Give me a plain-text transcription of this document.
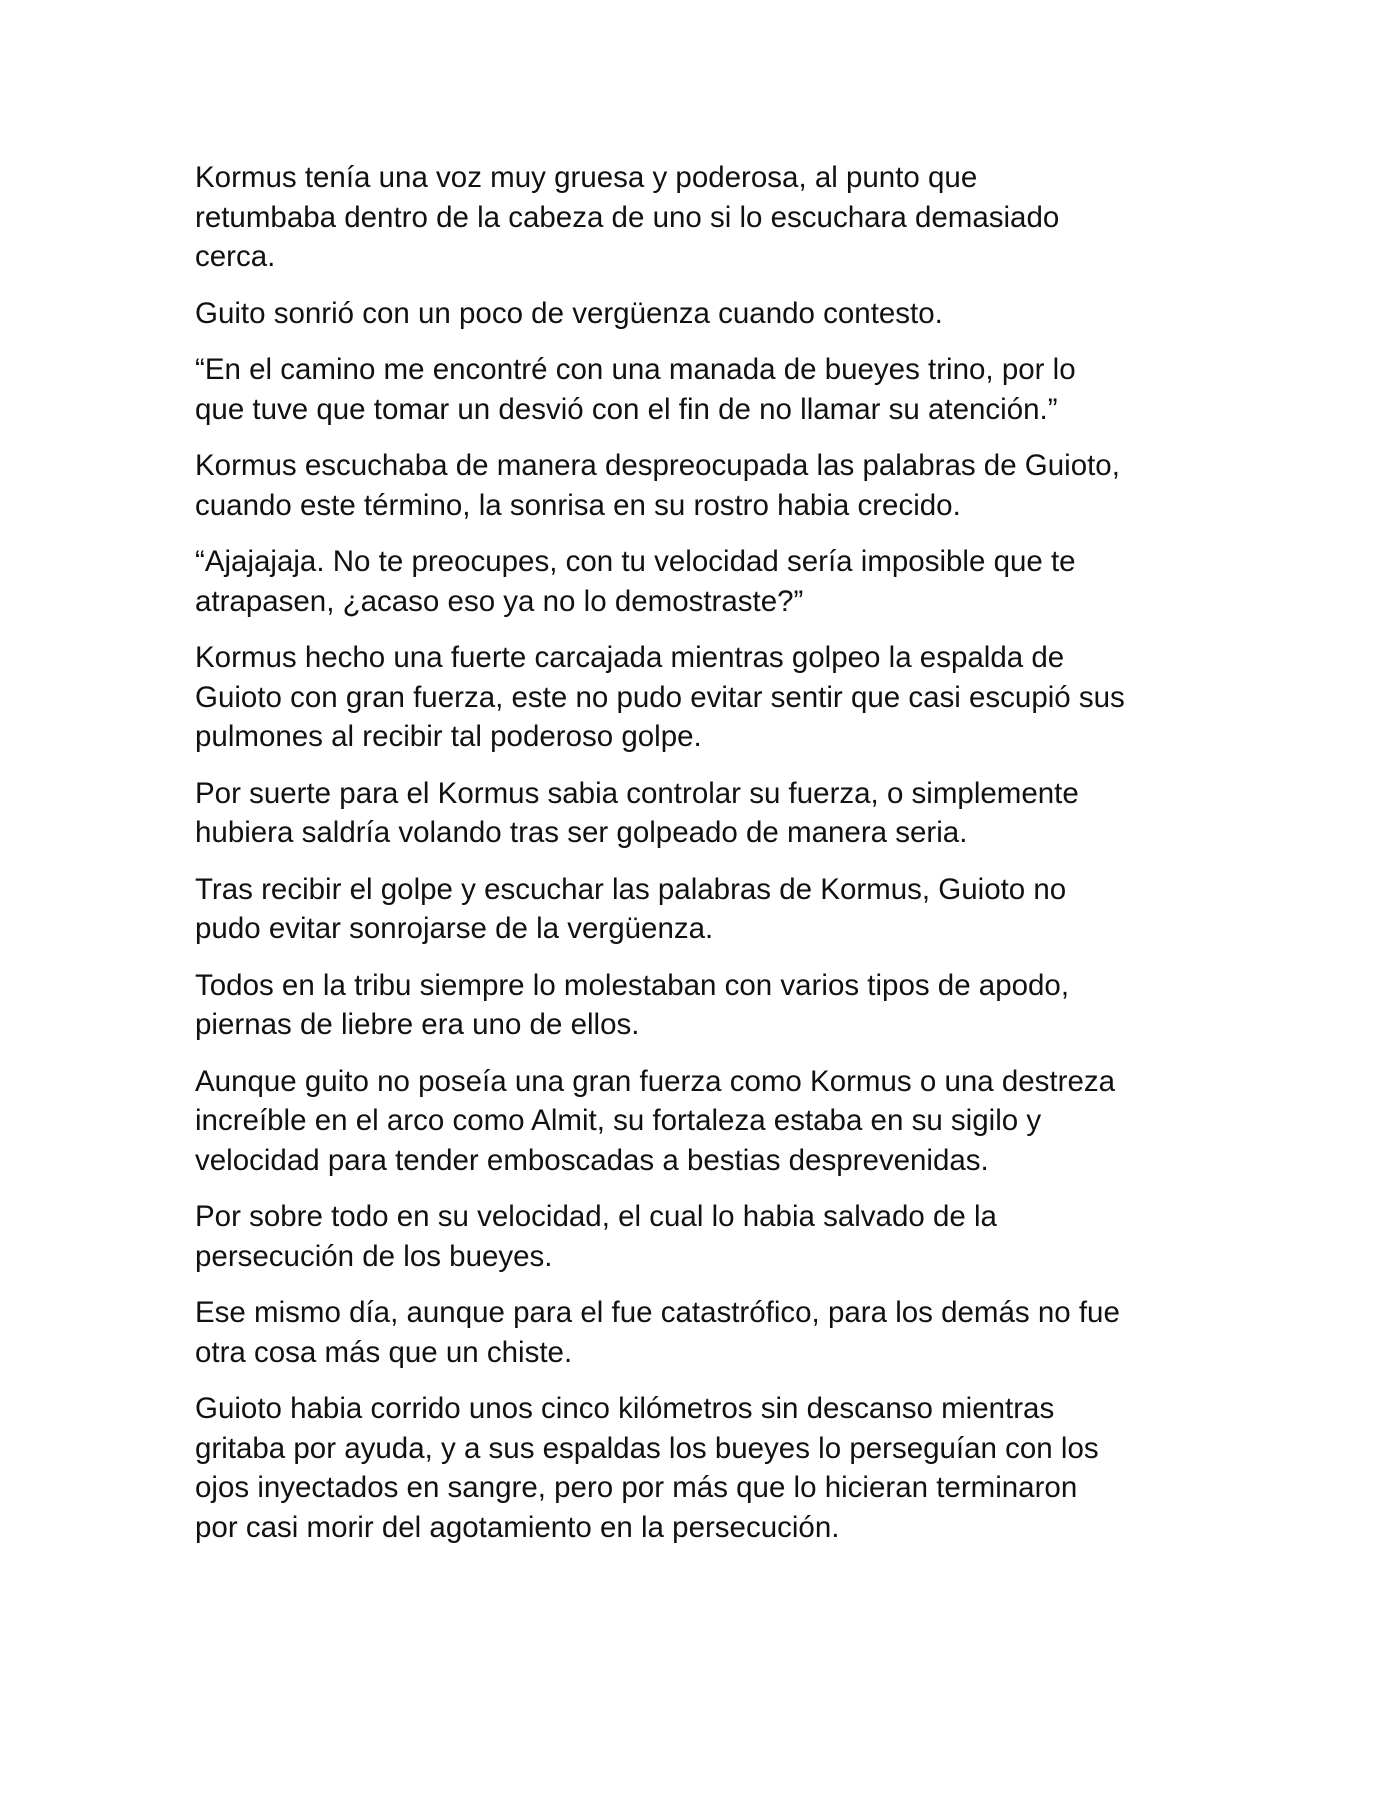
Kormus tenía una voz muy gruesa y poderosa, al punto que
retumbaba dentro de la cabeza de uno si lo escuchara demasiado
cerca.

Guito sonrió con un poco de vergüenza cuando contesto.

“En el camino me encontré con una manada de bueyes trino, por lo
que tuve que tomar un desvió con el fin de no llamar su atención.”

Kormus escuchaba de manera despreocupada las palabras de Guioto,
cuando este término, la sonrisa en su rostro habia crecido.

“Ajajajaja. No te preocupes, con tu velocidad sería imposible que te
atrapasen, ¿acaso eso ya no lo demostraste?”

Kormus hecho una fuerte carcajada mientras golpeo la espalda de
Guioto con gran fuerza, este no pudo evitar sentir que casi escupió sus
pulmones al recibir tal poderoso golpe.

Por suerte para el Kormus sabia controlar su fuerza, o simplemente
hubiera saldría volando tras ser golpeado de manera seria.

Tras recibir el golpe y escuchar las palabras de Kormus, Guioto no
pudo evitar sonrojarse de la vergüenza.

Todos en la tribu siempre lo molestaban con varios tipos de apodo,
piernas de liebre era uno de ellos.

Aunque guito no poseía una gran fuerza como Kormus o una destreza
increíble en el arco como Almit, su fortaleza estaba en su sigilo y
velocidad para tender emboscadas a bestias desprevenidas.

Por sobre todo en su velocidad, el cual lo habia salvado de la
persecución de los bueyes.

Ese mismo día, aunque para el fue catastrófico, para los demás no fue
otra cosa más que un chiste.

Guioto habia corrido unos cinco kilómetros sin descanso mientras
gritaba por ayuda, y a sus espaldas los bueyes lo perseguían con los
ojos inyectados en sangre, pero por más que lo hicieran terminaron
por casi morir del agotamiento en la persecución.
